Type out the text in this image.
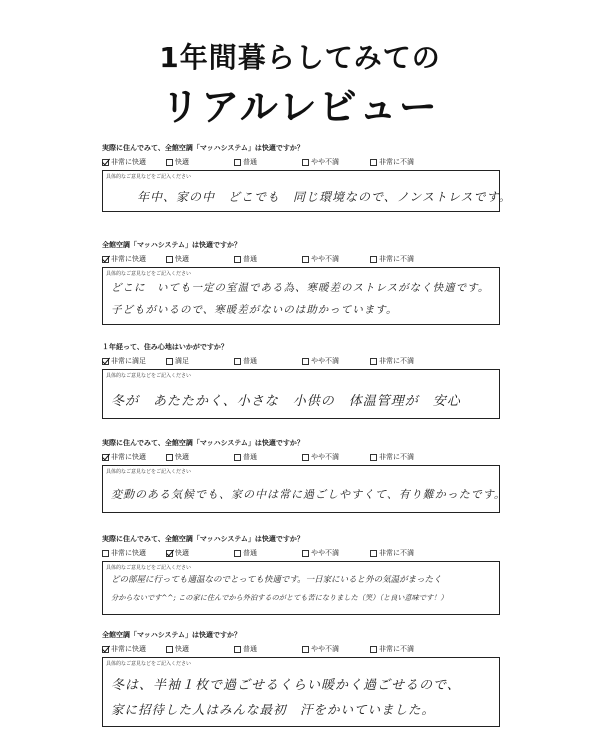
1年間暮らしてみての
リアルレビュー
実際に住んでみて、全館空調「マッハシステム」は快適ですか？
非常に快適	快適	普通	やや不満	非常に不満
具体的なご意見などをご記入ください
年中、家の中　どこでも　同じ環境なので、ノンストレスです。
全館空調「マッハシステム」は快適ですか？
非常に快適	快適	普通	やや不満	非常に不満
具体的なご意見などをご記入ください
どこに　いても一定の室温である為、寒暖差のストレスがなく快適です。
子どもがいるので、寒暖差がないのは助かっています。
１年経って、住み心地はいかがですか？
非常に満足	満足	普通	やや不満	非常に不満
具体的なご意見などをご記入ください
冬が　あたたかく、小さな　小供の　体温管理が　安心
実際に住んでみて、全館空調「マッハシステム」は快適ですか？
非常に快適	快適	普通	やや不満	非常に不満
具体的なご意見などをご記入ください
変動のある気候でも、家の中は常に過ごしやすくて、有り難かったです。
実際に住んでみて、全館空調「マッハシステム」は快適ですか？
非常に快適	快適	普通	やや不満	非常に不満
具体的なご意見などをご記入ください
どの部屋に行っても適温なのでとっても快適です。一日家にいると外の気温がまったく
分からないです^^; この家に住んでから外泊するのがとても苦になりました（笑）（と良い意味です！）
全館空調「マッハシステム」は快適ですか？
非常に快適	快適	普通	やや不満	非常に不満
具体的なご意見などをご記入ください
冬は、半袖１枚で過ごせるくらい暖かく過ごせるので、
家に招待した人はみんな最初　汗をかいていました。
